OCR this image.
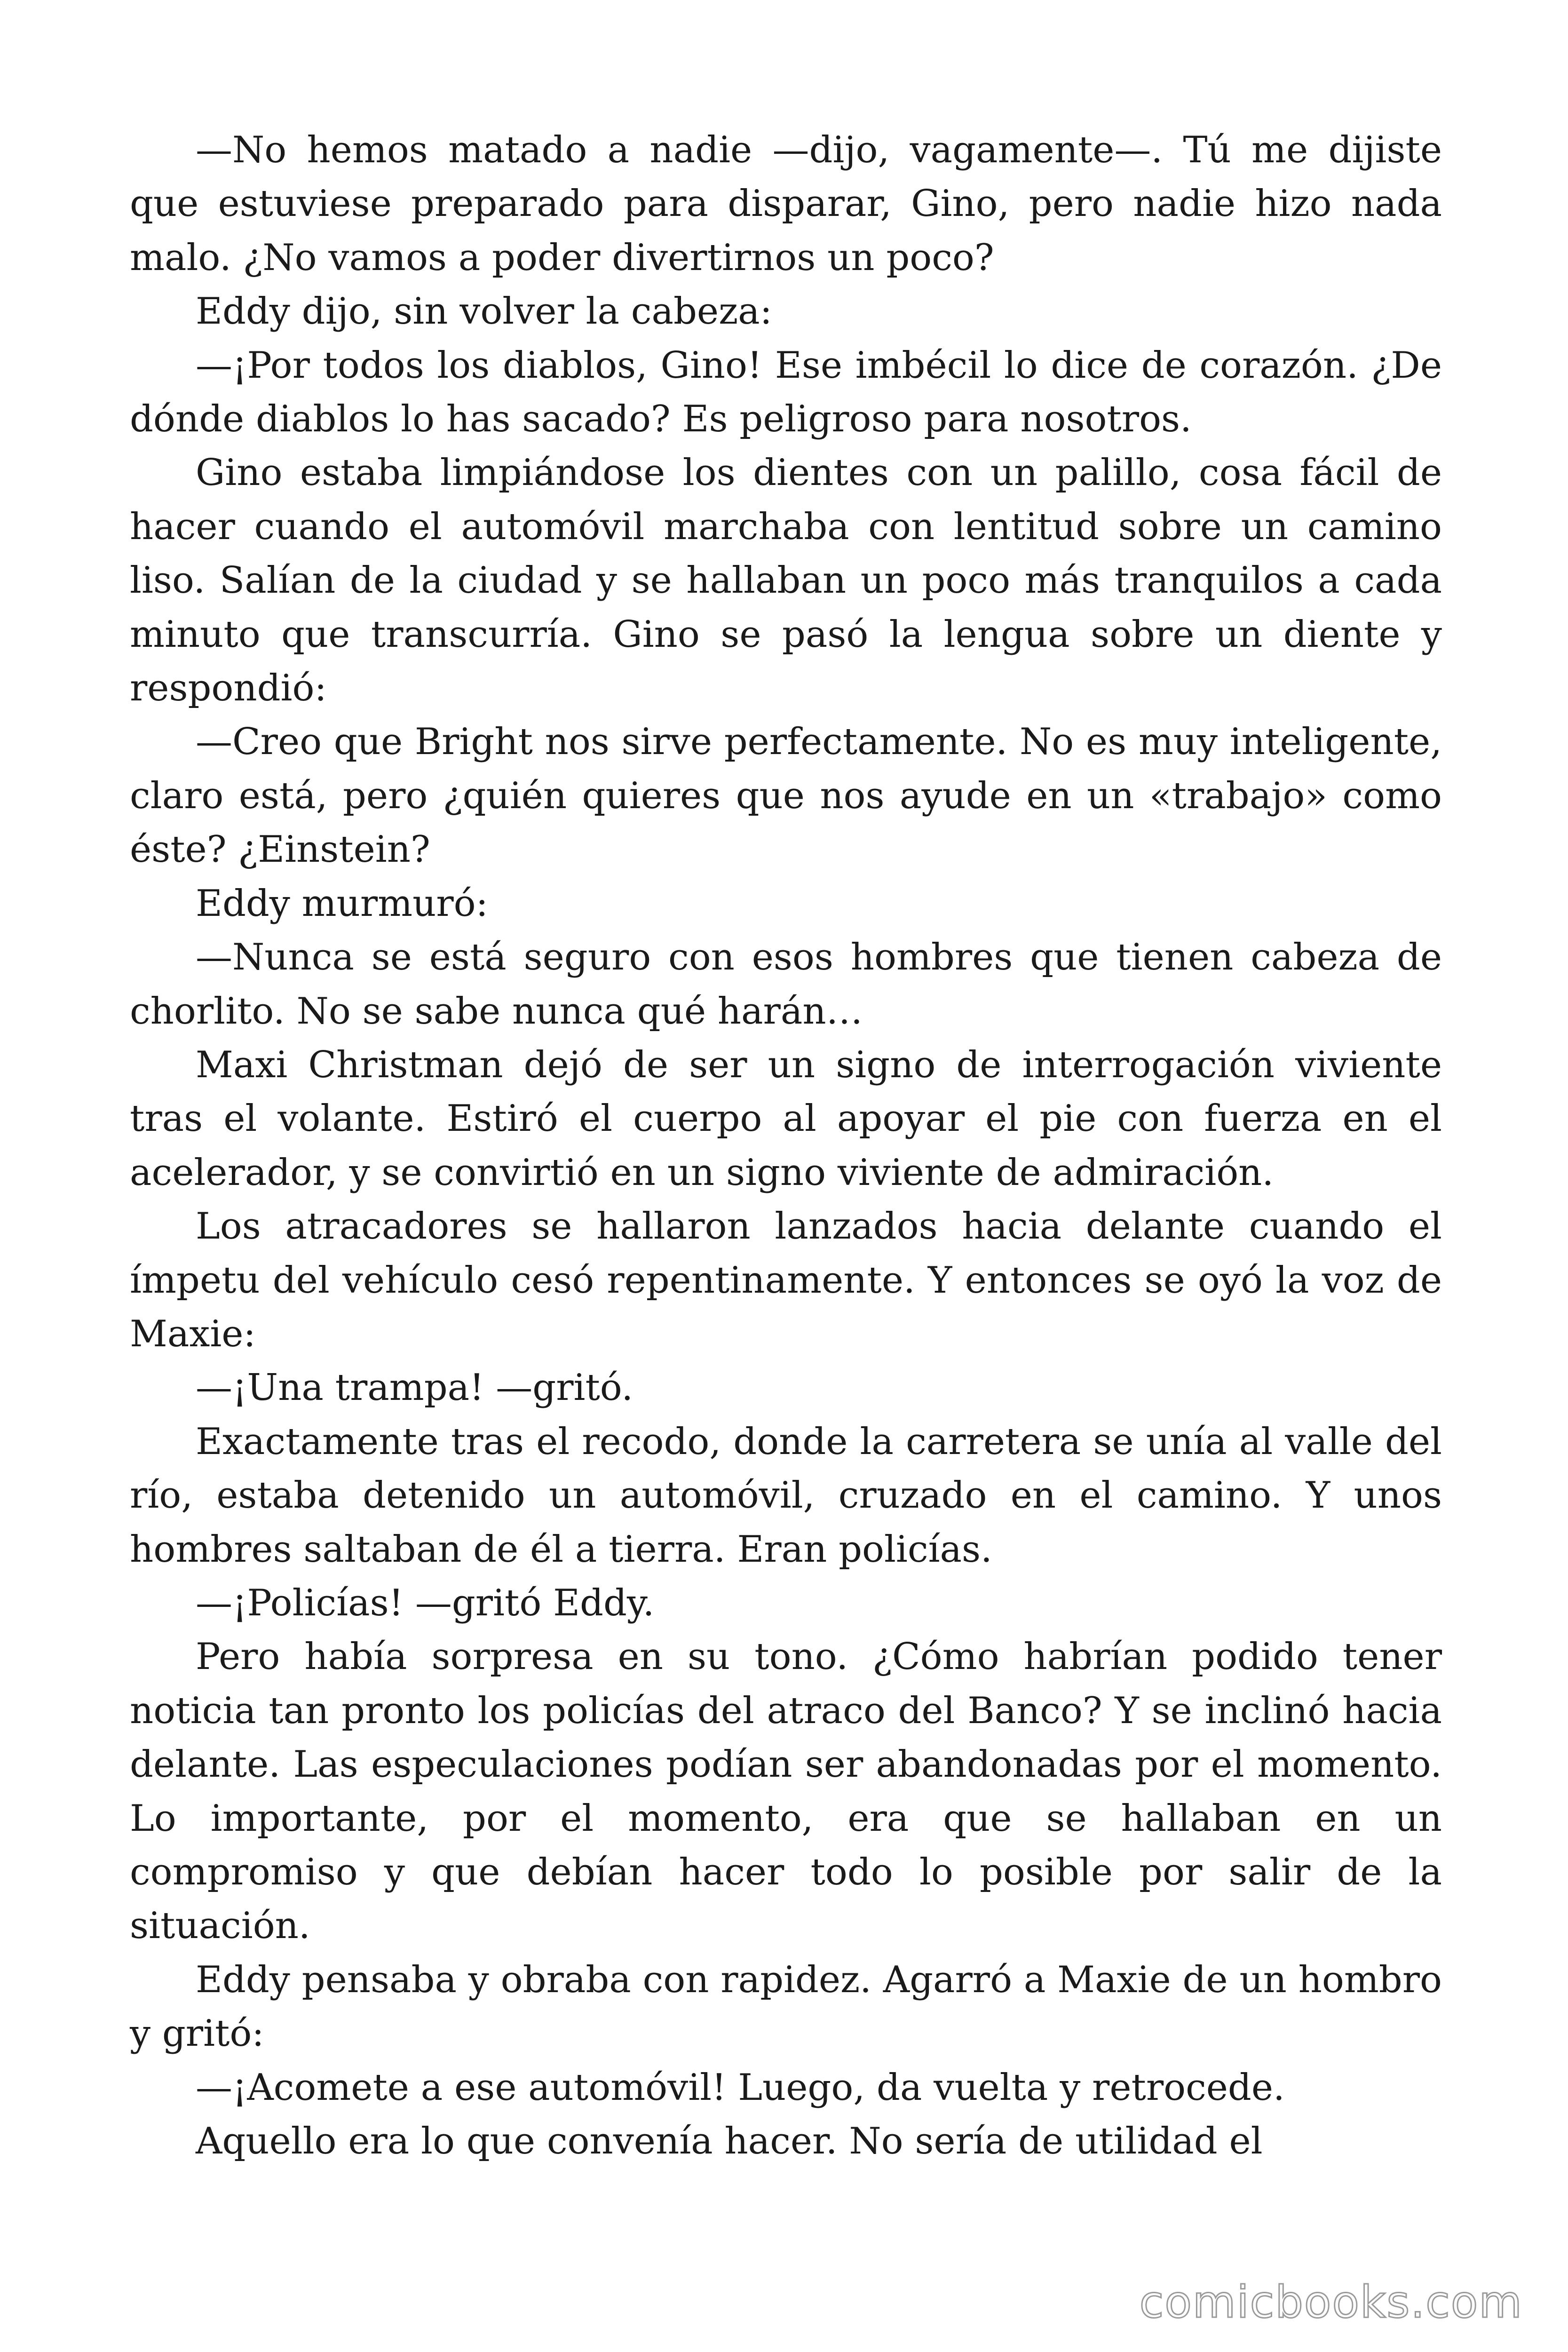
—No hemos matado a nadie —dijo, vagamente—. Tú me dijiste que estuviese preparado para disparar, Gino, pero nadie hizo nada malo. ¿No vamos a poder divertirnos un poco?

Eddy dijo, sin volver la cabeza:

—¡Por todos los diablos, Gino! Ese imbécil lo dice de corazón. ¿De dónde diablos lo has sacado? Es peligroso para nosotros.

Gino estaba limpiándose los dientes con un palillo, cosa fácil de hacer cuando el automóvil marchaba con lentitud sobre un camino liso. Salían de la ciudad y se hallaban un poco más tranquilos a cada minuto que transcurría. Gino se pasó la lengua sobre un diente y respondió:

—Creo que Bright nos sirve perfectamente. No es muy inteligente, claro está, pero ¿quién quieres que nos ayude en un «trabajo» como éste? ¿Einstein?

Eddy murmuró:

—Nunca se está seguro con esos hombres que tienen cabeza de chorlito. No se sabe nunca qué harán…

Maxi Christman dejó de ser un signo de interrogación viviente tras el volante. Estiró el cuerpo al apoyar el pie con fuerza en el acelerador, y se convirtió en un signo viviente de admiración.

Los atracadores se hallaron lanzados hacia delante cuando el ímpetu del vehículo cesó repentinamente. Y entonces se oyó la voz de Maxie:

—¡Una trampa! —gritó.

Exactamente tras el recodo, donde la carretera se unía al valle del río, estaba detenido un automóvil, cruzado en el camino. Y unos hombres saltaban de él a tierra. Eran policías.

—¡Policías! —gritó Eddy.

Pero había sorpresa en su tono. ¿Cómo habrían podido tener noticia tan pronto los policías del atraco del Banco? Y se inclinó hacia delante. Las especulaciones podían ser abandonadas por el momento. Lo importante, por el momento, era que se hallaban en un compromiso y que debían hacer todo lo posible por salir de la situación.

Eddy pensaba y obraba con rapidez. Agarró a Maxie de un hombro y gritó:

—¡Acomete a ese automóvil! Luego, da vuelta y retrocede.

Aquello era lo que convenía hacer. No sería de utilidad el

comicbooks.com
